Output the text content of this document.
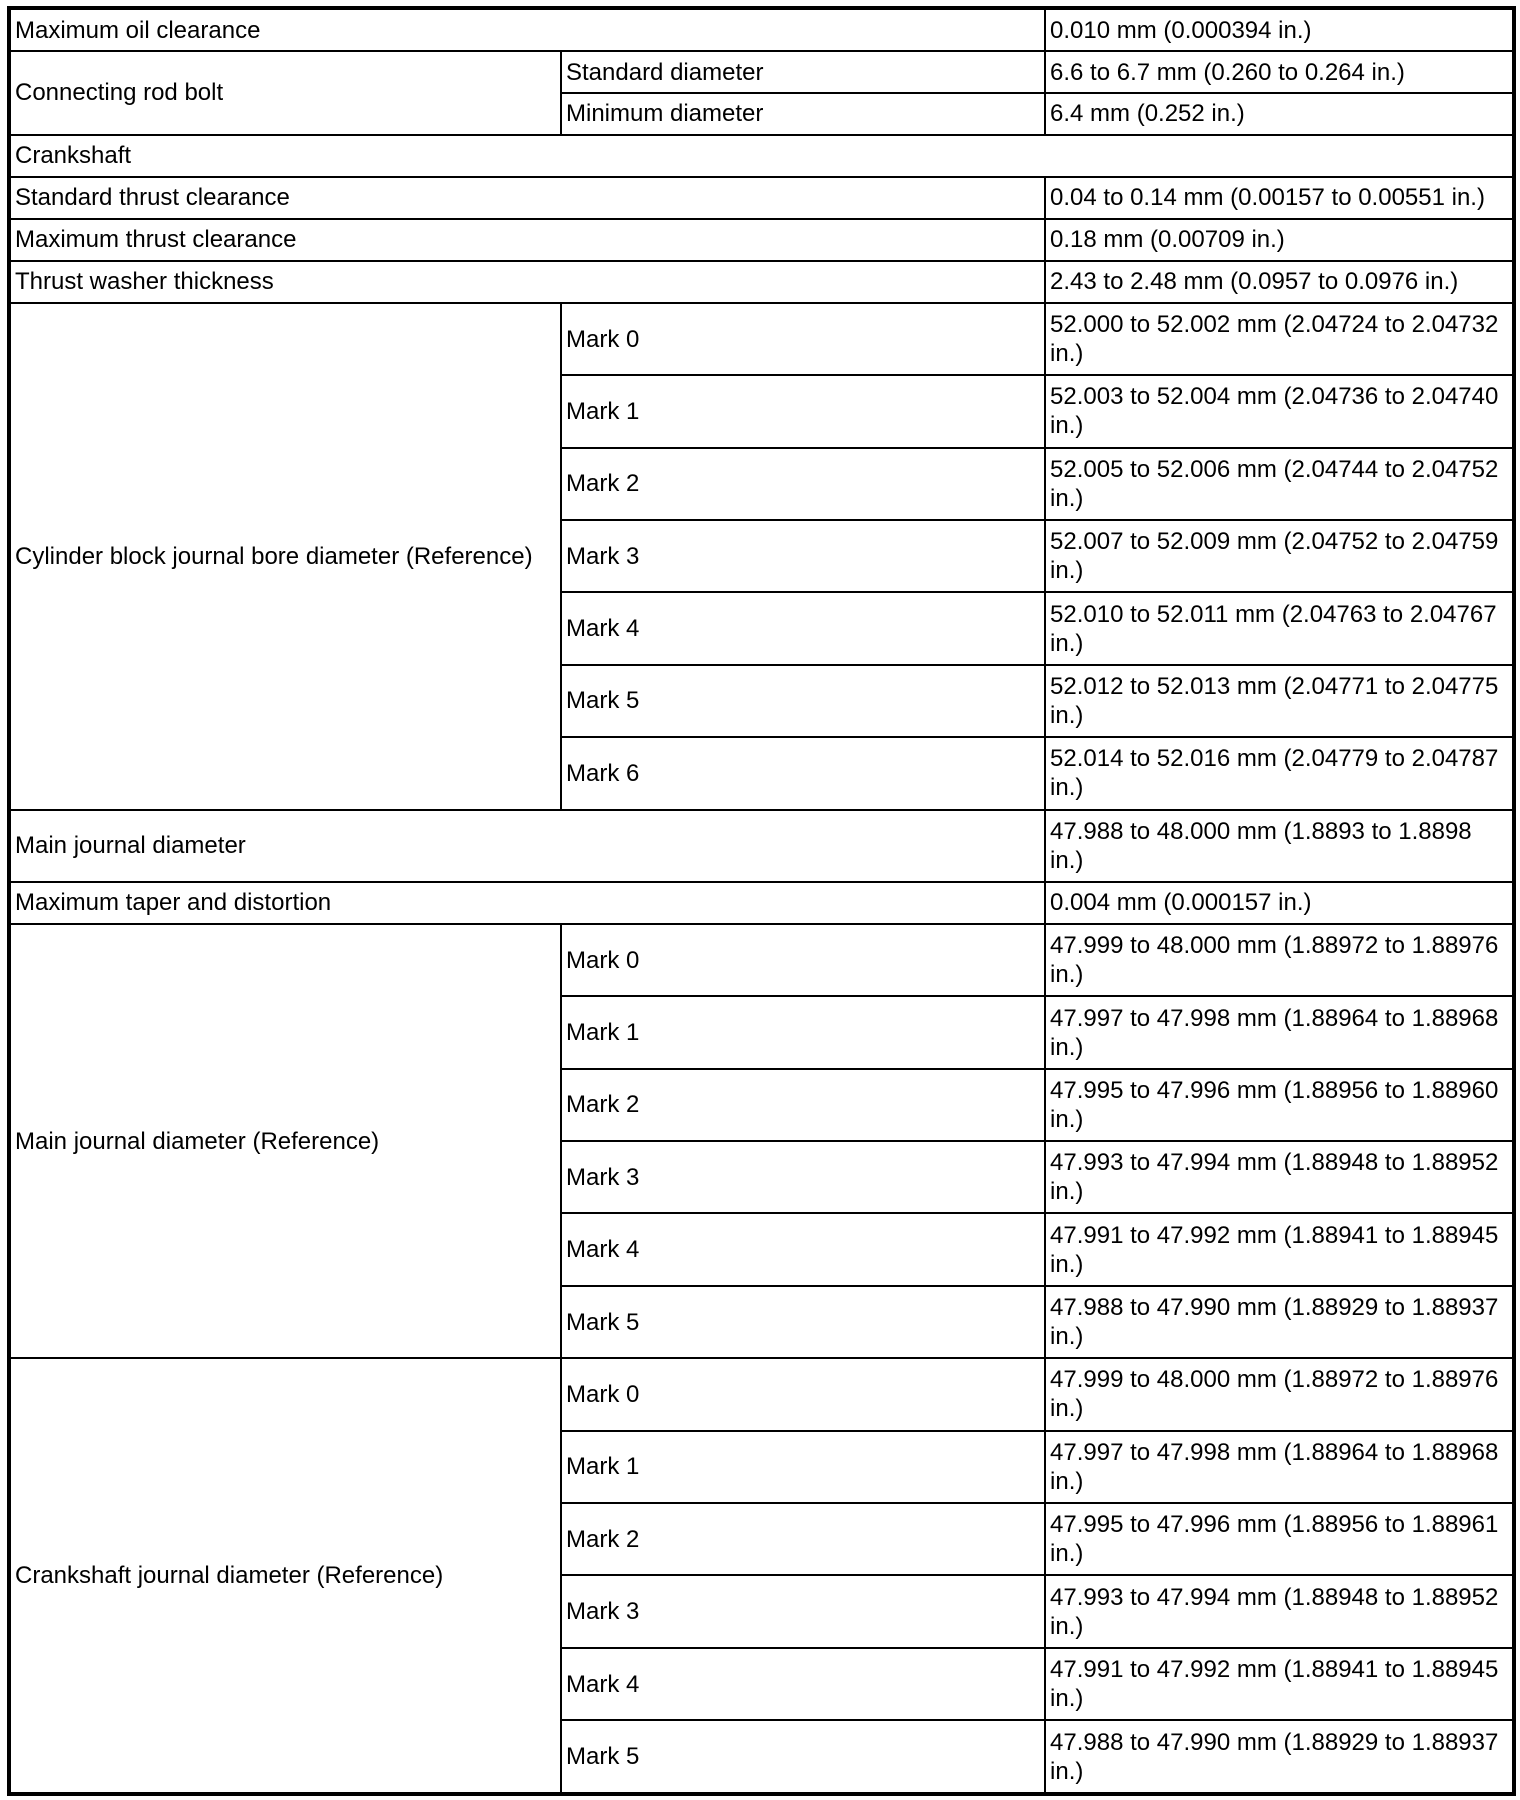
Maximum oil clearance		0.010 mm (0.000394 in.)
Connecting rod bolt	Standard diameter	6.6 to 6.7 mm (0.260 to 0.264 in.)
	Minimum diameter	6.4 mm (0.252 in.)
Crankshaft		
Standard thrust clearance		0.04 to 0.14 mm (0.00157 to 0.00551 in.)
Maximum thrust clearance		0.18 mm (0.00709 in.)
Thrust washer thickness		2.43 to 2.48 mm (0.0957 to 0.0976 in.)
Cylinder block journal bore diameter (Reference)	Mark 0	52.000 to 52.002 mm (2.04724 to 2.04732 in.)
	Mark 1	52.003 to 52.004 mm (2.04736 to 2.04740 in.)
	Mark 2	52.005 to 52.006 mm (2.04744 to 2.04752 in.)
	Mark 3	52.007 to 52.009 mm (2.04752 to 2.04759 in.)
	Mark 4	52.010 to 52.011 mm (2.04763 to 2.04767 in.)
	Mark 5	52.012 to 52.013 mm (2.04771 to 2.04775 in.)
	Mark 6	52.014 to 52.016 mm (2.04779 to 2.04787 in.)
Main journal diameter		47.988 to 48.000 mm (1.8893 to 1.8898 in.)
Maximum taper and distortion		0.004 mm (0.000157 in.)
Main journal diameter (Reference)	Mark 0	47.999 to 48.000 mm (1.88972 to 1.88976 in.)
	Mark 1	47.997 to 47.998 mm (1.88964 to 1.88968 in.)
	Mark 2	47.995 to 47.996 mm (1.88956 to 1.88960 in.)
	Mark 3	47.993 to 47.994 mm (1.88948 to 1.88952 in.)
	Mark 4	47.991 to 47.992 mm (1.88941 to 1.88945 in.)
	Mark 5	47.988 to 47.990 mm (1.88929 to 1.88937 in.)
Crankshaft journal diameter (Reference)	Mark 0	47.999 to 48.000 mm (1.88972 to 1.88976 in.)
	Mark 1	47.997 to 47.998 mm (1.88964 to 1.88968 in.)
	Mark 2	47.995 to 47.996 mm (1.88956 to 1.88961 in.)
	Mark 3	47.993 to 47.994 mm (1.88948 to 1.88952 in.)
	Mark 4	47.991 to 47.992 mm (1.88941 to 1.88945 in.)
	Mark 5	47.988 to 47.990 mm (1.88929 to 1.88937 in.)
